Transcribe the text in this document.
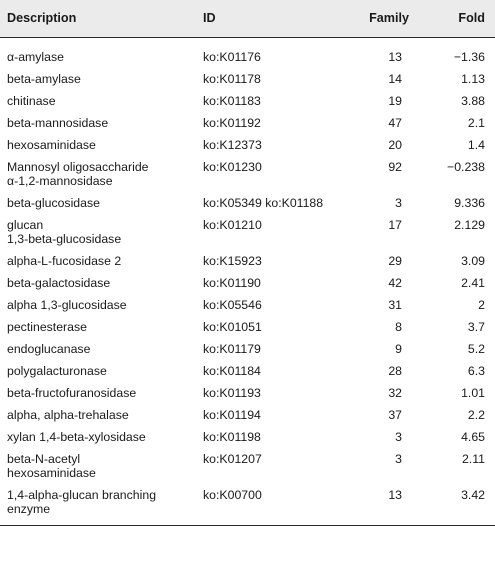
Description	ID	Family	Fold

α-amylase	ko:K01176	13	−1.36
beta-amylase	ko:K01178	14	1.13
chitinase	ko:K01183	19	3.88
beta-mannosidase	ko:K01192	47	2.1
hexosaminidase	ko:K12373	20	1.4
Mannosyl oligosaccharide
α-1,2-mannosidase	ko:K01230	92	−0.238
beta-glucosidase	ko:K05349 ko:K01188	3	9.336
glucan
1,3-beta-glucosidase	ko:K01210	17	2.129
alpha-L-fucosidase 2	ko:K15923	29	3.09
beta-galactosidase	ko:K01190	42	2.41
alpha 1,3-glucosidase	ko:K05546	31	2
pectinesterase	ko:K01051	8	3.7
endoglucanase	ko:K01179	9	5.2
polygalacturonase	ko:K01184	28	6.3
beta-fructofuranosidase	ko:K01193	32	1.01
alpha, alpha-trehalase	ko:K01194	37	2.2
xylan 1,4-beta-xylosidase	ko:K01198	3	4.65
beta-N-acetyl
hexosaminidase	ko:K01207	3	2.11
1,4-alpha-glucan branching
enzyme	ko:K00700	13	3.42
